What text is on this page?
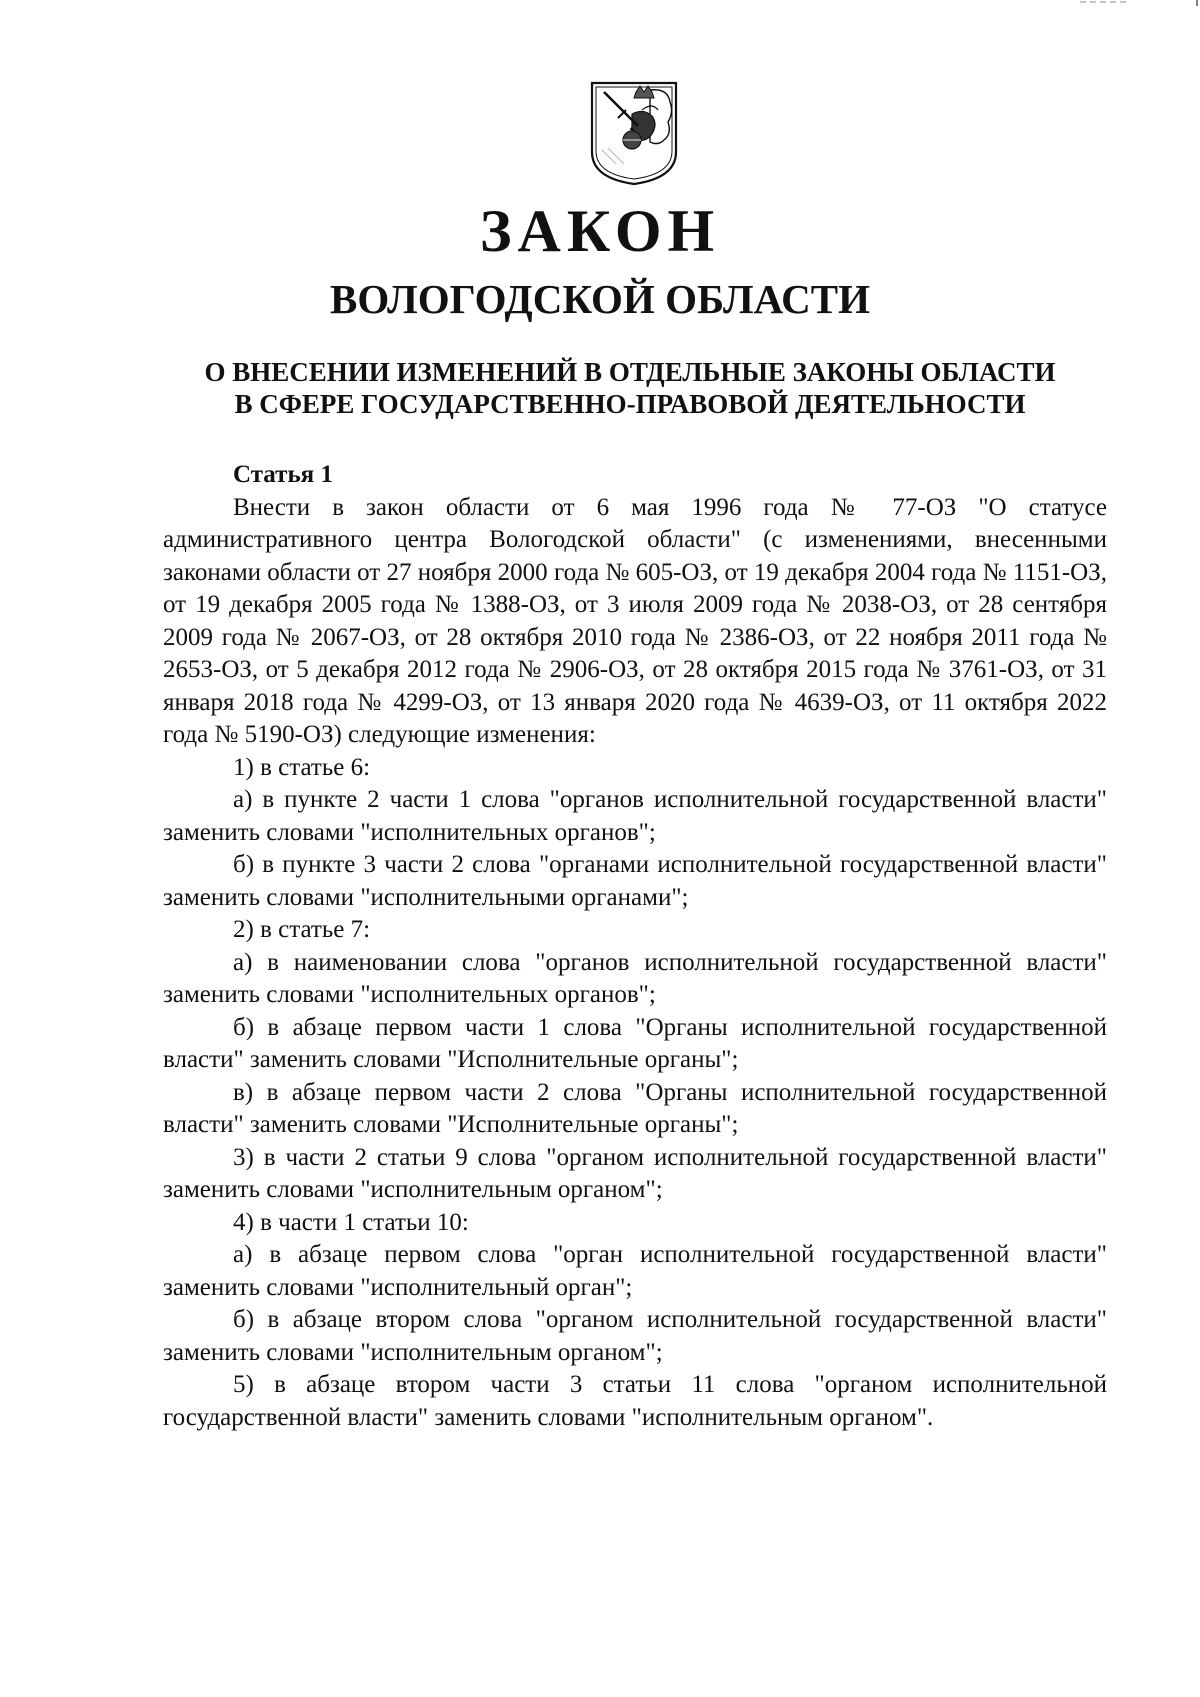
ЗАКОН
ВОЛОГОДСКОЙ ОБЛАСТИ
О ВНЕСЕНИИ ИЗМЕНЕНИЙ В ОТДЕЛЬНЫЕ ЗАКОНЫ ОБЛАСТИ
В СФЕРЕ ГОСУДАРСТВЕННО-ПРАВОВОЙ ДЕЯТЕЛЬНОСТИ

Статья 1

Внести в закон области от 6 мая 1996 года № 77-ОЗ "О статусе административного центра Вологодской области" (с изменениями, внесенными законами области от 27 ноября 2000 года № 605-ОЗ, от 19 декабря 2004 года № 1151-ОЗ, от 19 декабря 2005 года № 1388-ОЗ, от 3 июля 2009 года № 2038-ОЗ, от 28 сентября 2009 года № 2067-ОЗ, от 28 октября 2010 года № 2386-ОЗ, от 22 ноября 2011 года № 2653-ОЗ, от 5 декабря 2012 года № 2906-ОЗ, от 28 октября 2015 года № 3761-ОЗ, от 31 января 2018 года № 4299-ОЗ, от 13 января 2020 года № 4639-ОЗ, от 11 октября 2022 года № 5190-ОЗ) следующие изменения:

1) в статье 6:

а) в пункте 2 части 1 слова "органов исполнительной государственной власти" заменить словами "исполнительных органов";

б) в пункте 3 части 2 слова "органами исполнительной государственной власти" заменить словами "исполнительными органами";

2) в статье 7:

а) в наименовании слова "органов исполнительной государственной власти" заменить словами "исполнительных органов";

б) в абзаце первом части 1 слова "Органы исполнительной государственной власти" заменить словами "Исполнительные органы";

в) в абзаце первом части 2 слова "Органы исполнительной государственной власти" заменить словами "Исполнительные органы";

3) в части 2 статьи 9 слова "органом исполнительной государственной власти" заменить словами "исполнительным органом";

4) в части 1 статьи 10:

а) в абзаце первом слова "орган исполнительной государственной власти" заменить словами "исполнительный орган";

б) в абзаце втором слова "органом исполнительной государственной власти" заменить словами "исполнительным органом";

5) в абзаце втором части 3 статьи 11 слова "органом исполнительной государственной власти" заменить словами "исполнительным органом".
